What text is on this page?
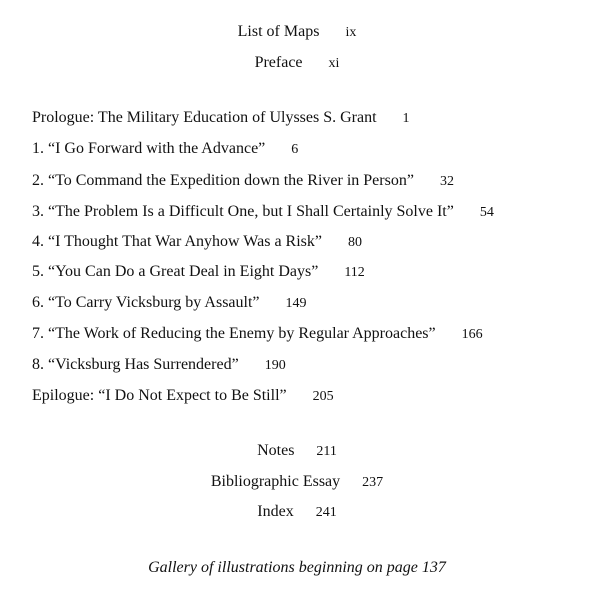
List of Maps ix
Preface xi
Prologue: The Military Education of Ulysses S. Grant 1
1. “I Go Forward with the Advance” 6
2. “To Command the Expedition down the River in Person” 32
3. “The Problem Is a Difficult One, but I Shall Certainly Solve It” 54
4. “I Thought That War Anyhow Was a Risk” 80
5. “You Can Do a Great Deal in Eight Days” 112
6. “To Carry Vicksburg by Assault” 149
7. “The Work of Reducing the Enemy by Regular Approaches” 166
8. “Vicksburg Has Surrendered” 190
Epilogue: “I Do Not Expect to Be Still” 205
Notes 211
Bibliographic Essay 237
Index 241
Gallery of illustrations beginning on page 137
